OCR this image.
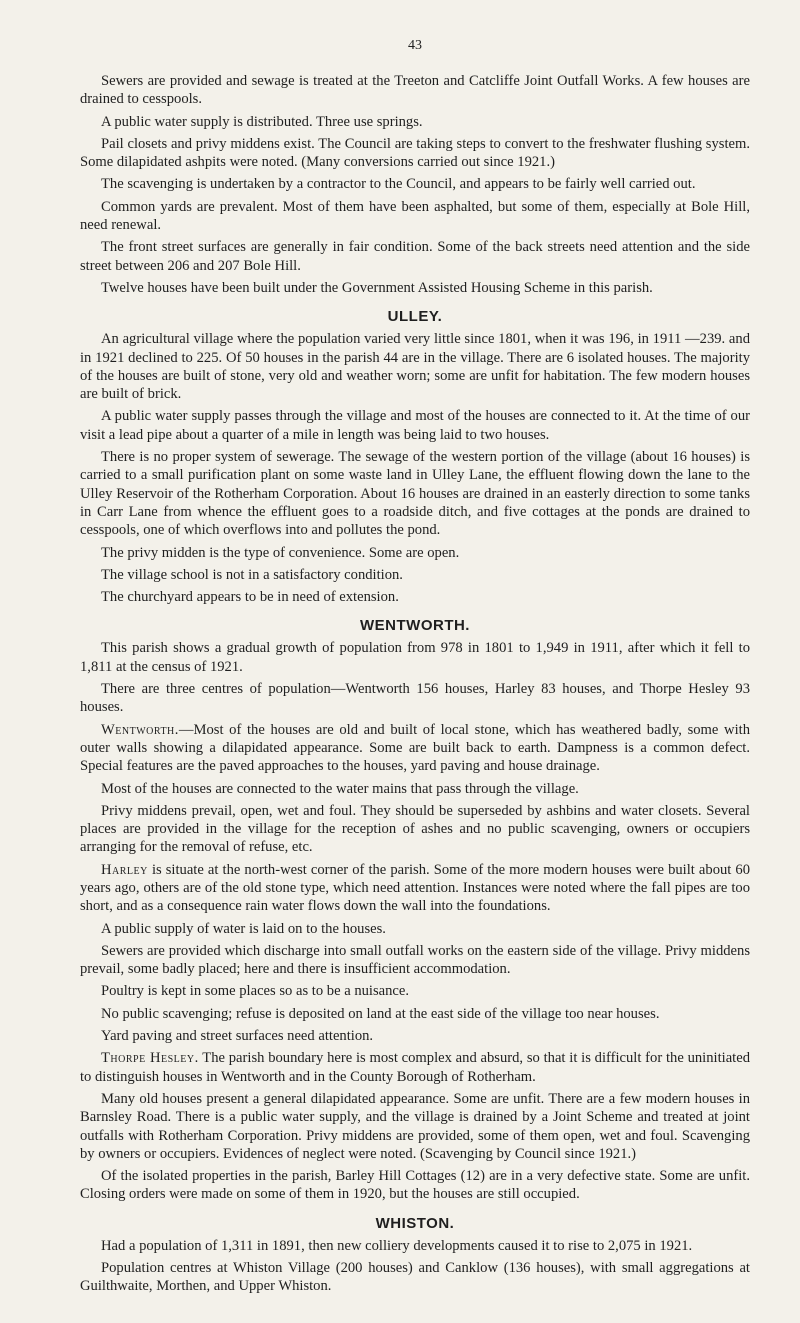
43

Sewers are provided and sewage is treated at the Treeton and Catcliffe Joint Outfall Works. A few houses are drained to cesspools.

A public water supply is distributed. Three use springs.

Pail closets and privy middens exist. The Council are taking steps to convert to the freshwater flushing system. Some dilapidated ashpits were noted. (Many conversions carried out since 1921.)

The scavenging is undertaken by a contractor to the Council, and appears to be fairly well carried out.

Common yards are prevalent. Most of them have been asphalted, but some of them, especially at Bole Hill, need renewal.

The front street surfaces are generally in fair condition. Some of the back streets need attention and the side street between 206 and 207 Bole Hill.

Twelve houses have been built under the Government Assisted Housing Scheme in this parish.

ULLEY.

An agricultural village where the population varied very little since 1801, when it was 196, in 1911 —239. and in 1921 declined to 225. Of 50 houses in the parish 44 are in the village. There are 6 isolated houses. The majority of the houses are built of stone, very old and weather worn; some are unfit for habitation. The few modern houses are built of brick.

A public water supply passes through the village and most of the houses are connected to it. At the time of our visit a lead pipe about a quarter of a mile in length was being laid to two houses.

There is no proper system of sewerage. The sewage of the western portion of the village (about 16 houses) is carried to a small purification plant on some waste land in Ulley Lane, the effluent flowing down the lane to the Ulley Reservoir of the Rotherham Corporation. About 16 houses are drained in an easterly direction to some tanks in Carr Lane from whence the effluent goes to a roadside ditch, and five cottages at the ponds are drained to cesspools, one of which overflows into and pollutes the pond.

The privy midden is the type of convenience. Some are open.

The village school is not in a satisfactory condition.

The churchyard appears to be in need of extension.

WENTWORTH.

This parish shows a gradual growth of population from 978 in 1801 to 1,949 in 1911, after which it fell to 1,811 at the census of 1921.

There are three centres of population—Wentworth 156 houses, Harley 83 houses, and Thorpe Hesley 93 houses.

Wentworth.—Most of the houses are old and built of local stone, which has weathered badly, some with outer walls showing a dilapidated appearance. Some are built back to earth. Dampness is a common defect. Special features are the paved approaches to the houses, yard paving and house drainage.

Most of the houses are connected to the water mains that pass through the village.

Privy middens prevail, open, wet and foul. They should be superseded by ashbins and water closets. Several places are provided in the village for the reception of ashes and no public scavenging, owners or occupiers arranging for the removal of refuse, etc.

Harley is situate at the north-west corner of the parish. Some of the more modern houses were built about 60 years ago, others are of the old stone type, which need attention. Instances were noted where the fall pipes are too short, and as a consequence rain water flows down the wall into the foundations.

A public supply of water is laid on to the houses.

Sewers are provided which discharge into small outfall works on the eastern side of the village. Privy middens prevail, some badly placed; here and there is insufficient accommodation.

Poultry is kept in some places so as to be a nuisance.

No public scavenging; refuse is deposited on land at the east side of the village too near houses.

Yard paving and street surfaces need attention.

Thorpe Hesley. The parish boundary here is most complex and absurd, so that it is difficult for the uninitiated to distinguish houses in Wentworth and in the County Borough of Rotherham.

Many old houses present a general dilapidated appearance. Some are unfit. There are a few modern houses in Barnsley Road. There is a public water supply, and the village is drained by a Joint Scheme and treated at joint outfalls with Rotherham Corporation. Privy middens are provided, some of them open, wet and foul. Scavenging by owners or occupiers. Evidences of neglect were noted. (Scavenging by Council since 1921.)

Of the isolated properties in the parish, Barley Hill Cottages (12) are in a very defective state. Some are unfit. Closing orders were made on some of them in 1920, but the houses are still occupied.

WHISTON.

Had a population of 1,311 in 1891, then new colliery developments caused it to rise to 2,075 in 1921.

Population centres at Whiston Village (200 houses) and Canklow (136 houses), with small aggregations at Guilthwaite, Morthen, and Upper Whiston.
